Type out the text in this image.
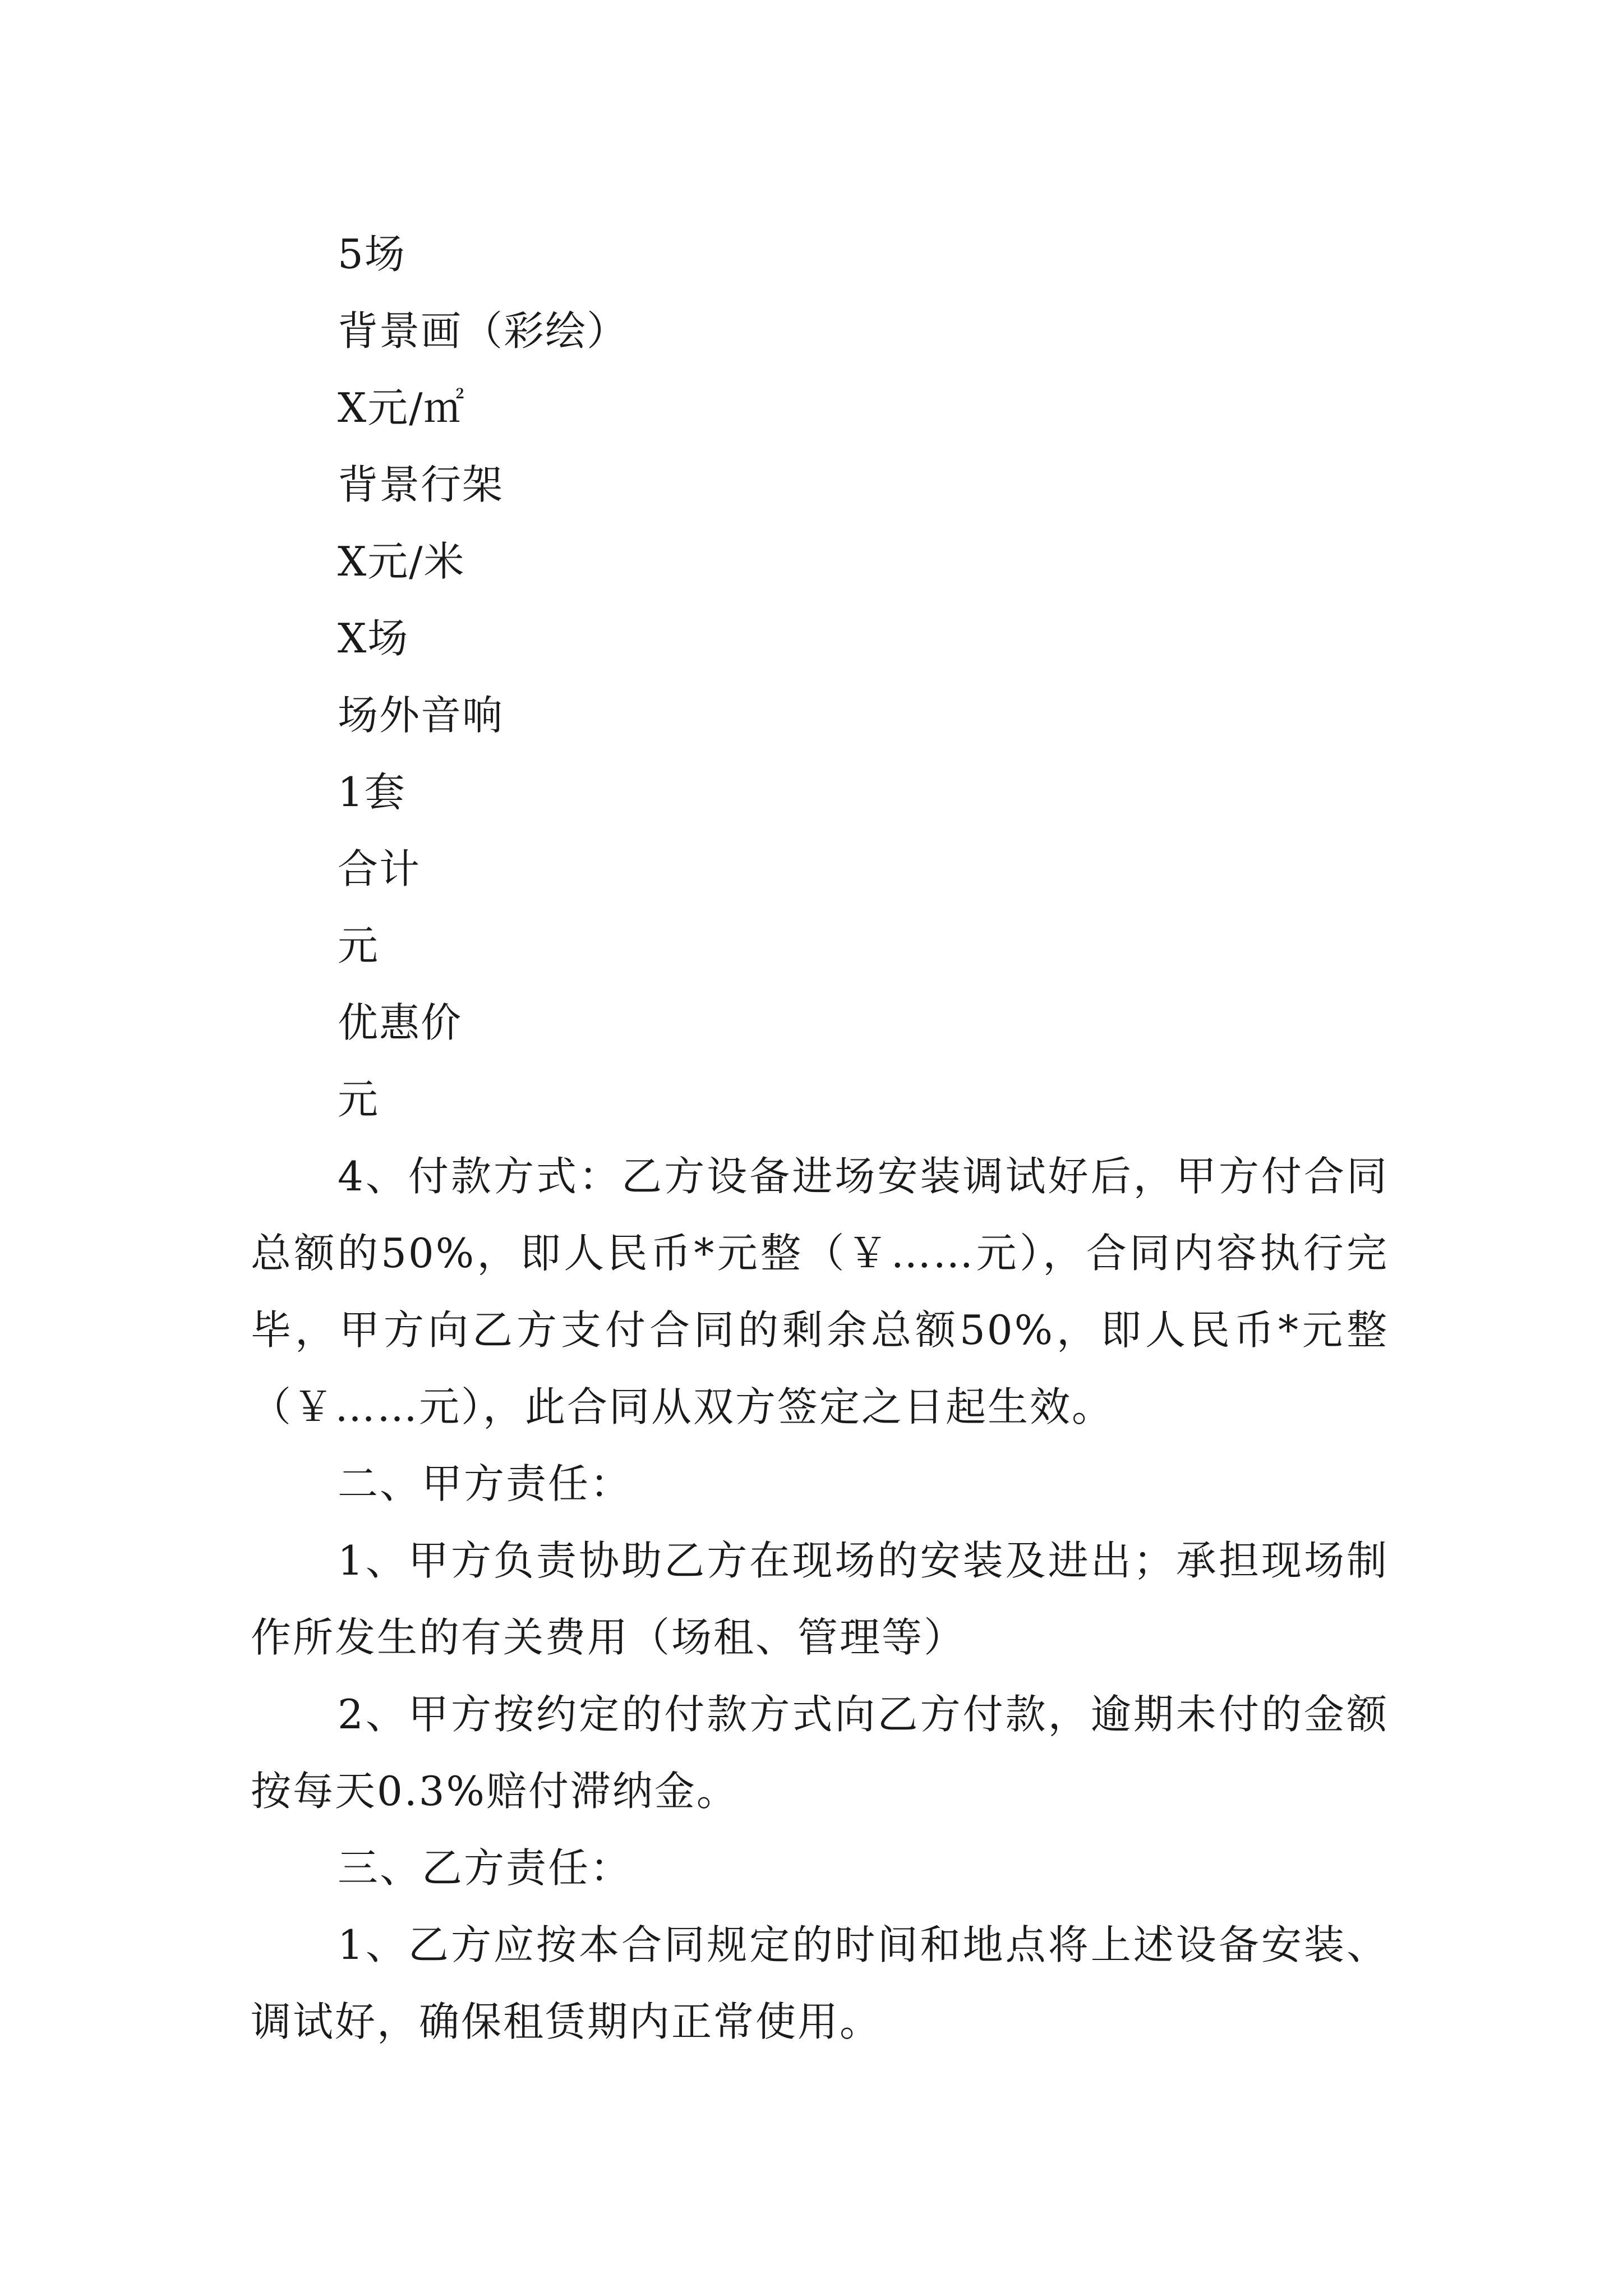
5场

背景画（彩绘）

X元/㎡

背景行架

X元/米

X场

场外音响

1套

合计

元

优惠价

元

4、付款方式：乙方设备进场安装调试好后，甲方付合同总额的50%，即人民币*元整（￥……元），合同内容执行完毕，甲方向乙方支付合同的剩余总额50%，即人民币*元整（￥……元），此合同从双方签定之日起生效。

二、甲方责任：

1、甲方负责协助乙方在现场的安装及进出；承担现场制作所发生的有关费用（场租、管理等）

2、甲方按约定的付款方式向乙方付款，逾期未付的金额按每天0.3%赔付滞纳金。

三、乙方责任：

1、乙方应按本合同规定的时间和地点将上述设备安装、调试好，确保租赁期内正常使用。
